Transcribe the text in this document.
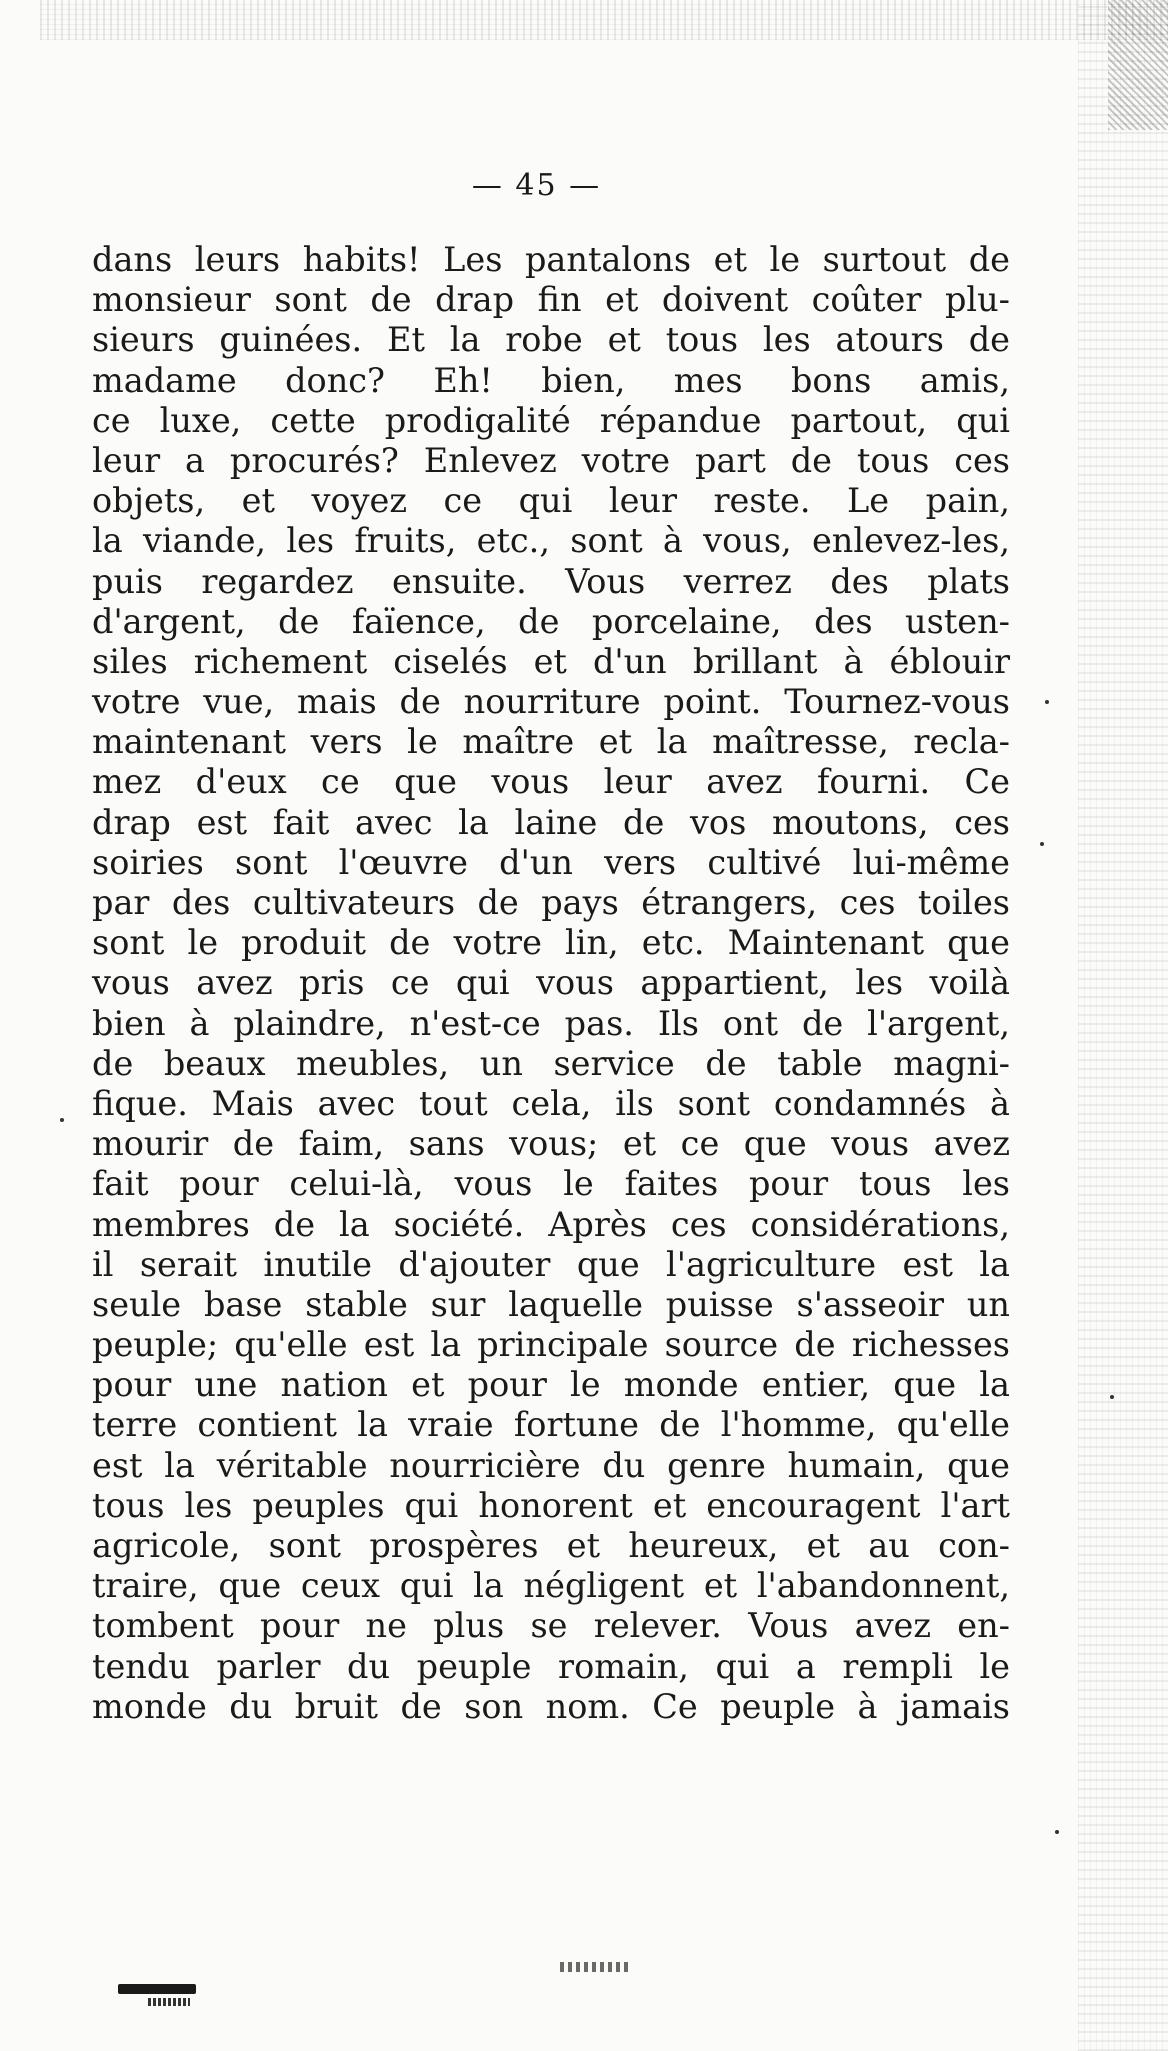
— 45 —
dans leurs habits! Les pantalons et le surtout de
monsieur sont de drap fin et doivent coûter plu-
sieurs guinées. Et la robe et tous les atours de
madame donc? Eh! bien, mes bons amis,
ce luxe, cette prodigalité répandue partout, qui
leur a procurés? Enlevez votre part de tous ces
objets, et voyez ce qui leur reste. Le pain,
la viande, les fruits, etc., sont à vous, enlevez-les,
puis regardez ensuite. Vous verrez des plats
d'argent, de faïence, de porcelaine, des usten-
siles richement ciselés et d'un brillant à éblouir
votre vue, mais de nourriture point. Tournez-vous
maintenant vers le maître et la maîtresse, recla-
mez d'eux ce que vous leur avez fourni. Ce
drap est fait avec la laine de vos moutons, ces
soiries sont l'œuvre d'un vers cultivé lui-même
par des cultivateurs de pays étrangers, ces toiles
sont le produit de votre lin, etc. Maintenant que
vous avez pris ce qui vous appartient, les voilà
bien à plaindre, n'est-ce pas. Ils ont de l'argent,
de beaux meubles, un service de table magni-
fique. Mais avec tout cela, ils sont condamnés à
mourir de faim, sans vous; et ce que vous avez
fait pour celui-là, vous le faites pour tous les
membres de la société. Après ces considérations,
il serait inutile d'ajouter que l'agriculture est la
seule base stable sur laquelle puisse s'asseoir un
peuple; qu'elle est la principale source de richesses
pour une nation et pour le monde entier, que la
terre contient la vraie fortune de l'homme, qu'elle
est la véritable nourricière du genre humain, que
tous les peuples qui honorent et encouragent l'art
agricole, sont prospères et heureux, et au con-
traire, que ceux qui la négligent et l'abandonnent,
tombent pour ne plus se relever. Vous avez en-
tendu parler du peuple romain, qui a rempli le
monde du bruit de son nom. Ce peuple à jamais
